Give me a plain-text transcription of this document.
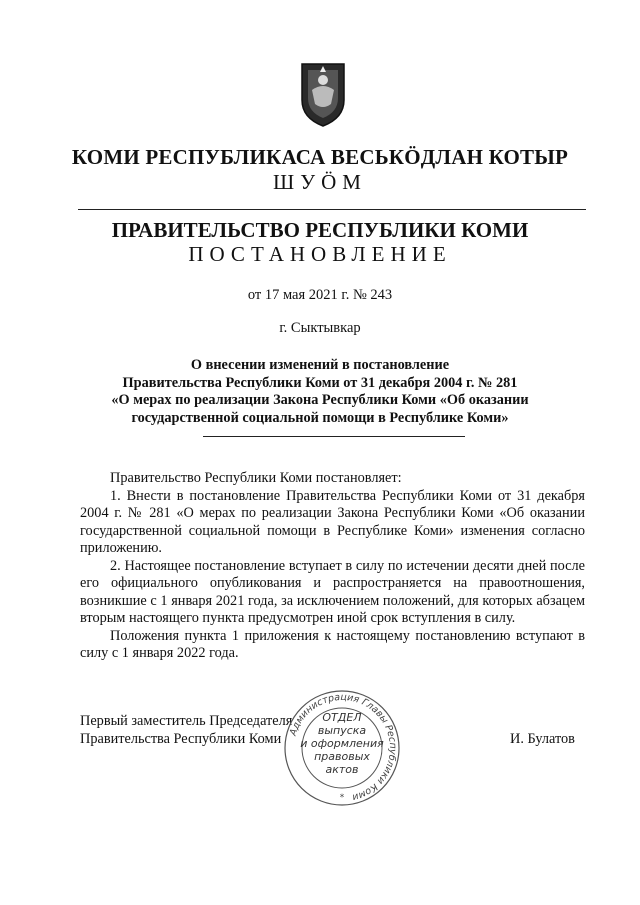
КОМИ РЕСПУБЛИКАСА ВЕСЬКӦДЛАН КОТЫР
ШУӦМ
ПРАВИТЕЛЬСТВО РЕСПУБЛИКИ КОМИ
ПОСТАНОВЛЕНИЕ
от 17 мая 2021 г. № 243
г. Сыктывкар
О внесении изменений в постановление
Правительства Республики Коми от 31 декабря 2004 г. № 281
«О мерах по реализации Закона Республики Коми «Об оказании
государственной социальной помощи в Республике Коми»

Правительство Республики Коми постановляет:

1. Внести в постановление Правительства Республики Коми от 31 декабря 2004 г. № 281 «О мерах по реализации Закона Республики Коми «Об оказании государственной социальной помощи в Республике Коми» изменения согласно приложению.

2. Настоящее постановление вступает в силу по истечении десяти дней после его официального опубликования и распространяется на правоотношения, возникшие с 1 января 2021 года, за исключением положений, для которых абзацем вторым настоящего пункта предусмотрен иной срок вступления в силу.

Положения пункта 1 приложения к настоящему постановлению вступают в силу с 1 января 2022 года.

Первый заместитель Председателя
Правительства Республики Коми Администрация Главы Республики Коми
*
ОТДЕЛ
выпуска
и оформления
правовых
актов
И. Булатов
